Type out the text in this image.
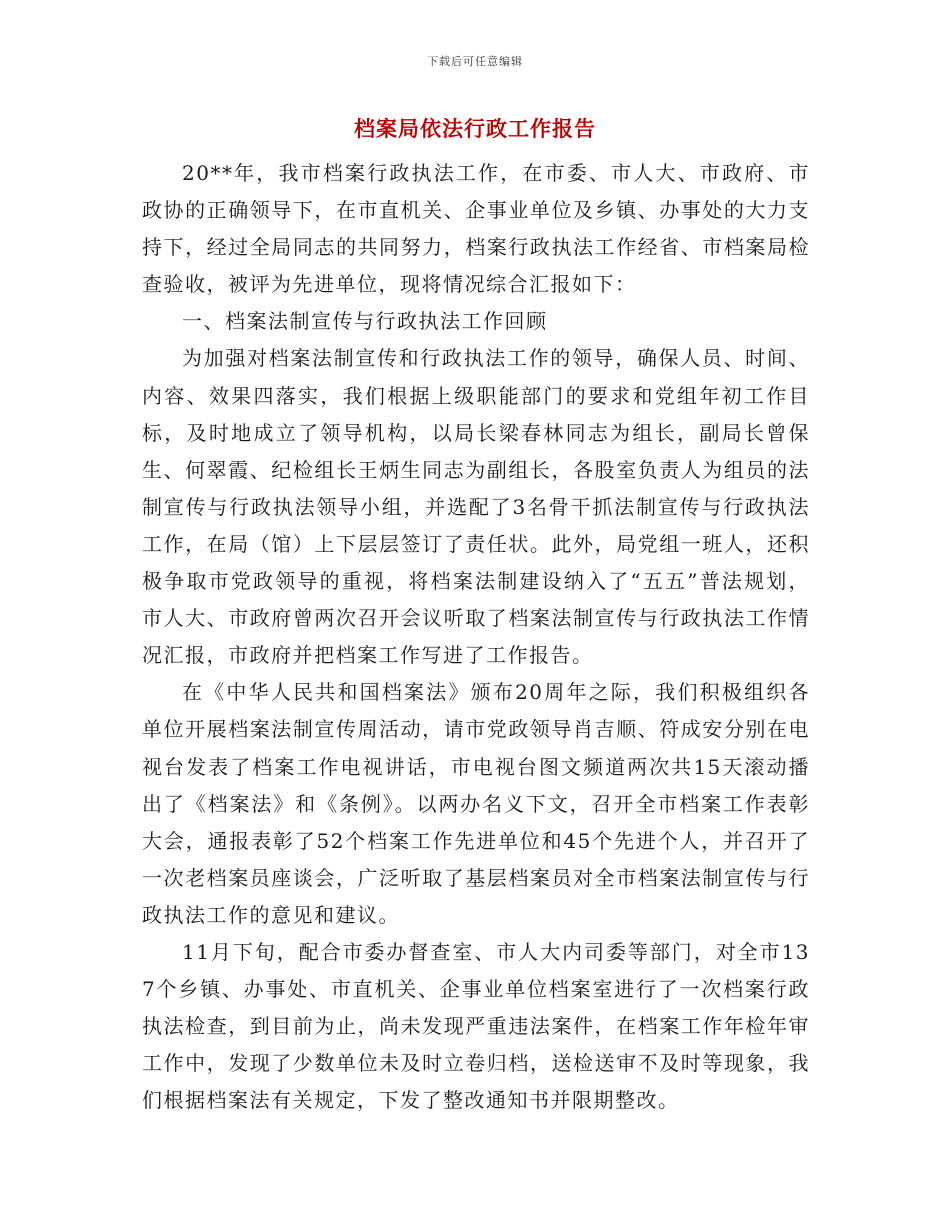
下载后可任意编辑
档案局依法行政工作报告

20**年，我市档案行政执法工作，在市委、市人大、市政府、市政协的正确领导下，在市直机关、企事业单位及乡镇、办事处的大力支持下，经过全局同志的共同努力，档案行政执法工作经省、市档案局检查验收，被评为先进单位，现将情况综合汇报如下：

一、档案法制宣传与行政执法工作回顾

为加强对档案法制宣传和行政执法工作的领导，确保人员、时间、内容、效果四落实，我们根据上级职能部门的要求和党组年初工作目标，及时地成立了领导机构，以局长梁春林同志为组长，副局长曾保生、何翠霞、纪检组长王炳生同志为副组长，各股室负责人为组员的法制宣传与行政执法领导小组，并选配了3名骨干抓法制宣传与行政执法工作，在局（馆）上下层层签订了责任状。此外，局党组一班人，还积极争取市党政领导的重视，将档案法制建设纳入了“五五”普法规划，市人大、市政府曾两次召开会议听取了档案法制宣传与行政执法工作情况汇报，市政府并把档案工作写进了工作报告。

在《中华人民共和国档案法》颁布20周年之际，我们积极组织各单位开展档案法制宣传周活动，请市党政领导肖吉顺、符成安分别在电视台发表了档案工作电视讲话，市电视台图文频道两次共15天滚动播出了《档案法》和《条例》。以两办名义下文，召开全市档案工作表彰大会，通报表彰了52个档案工作先进单位和45个先进个人，并召开了一次老档案员座谈会，广泛听取了基层档案员对全市档案法制宣传与行政执法工作的意见和建议。

11月下旬，配合市委办督查室、市人大内司委等部门，对全市137个乡镇、办事处、市直机关、企事业单位档案室进行了一次档案行政执法检查，到目前为止，尚未发现严重违法案件，在档案工作年检年审工作中，发现了少数单位未及时立卷归档，送检送审不及时等现象，我们根据档案法有关规定，下发了整改通知书并限期整改。
